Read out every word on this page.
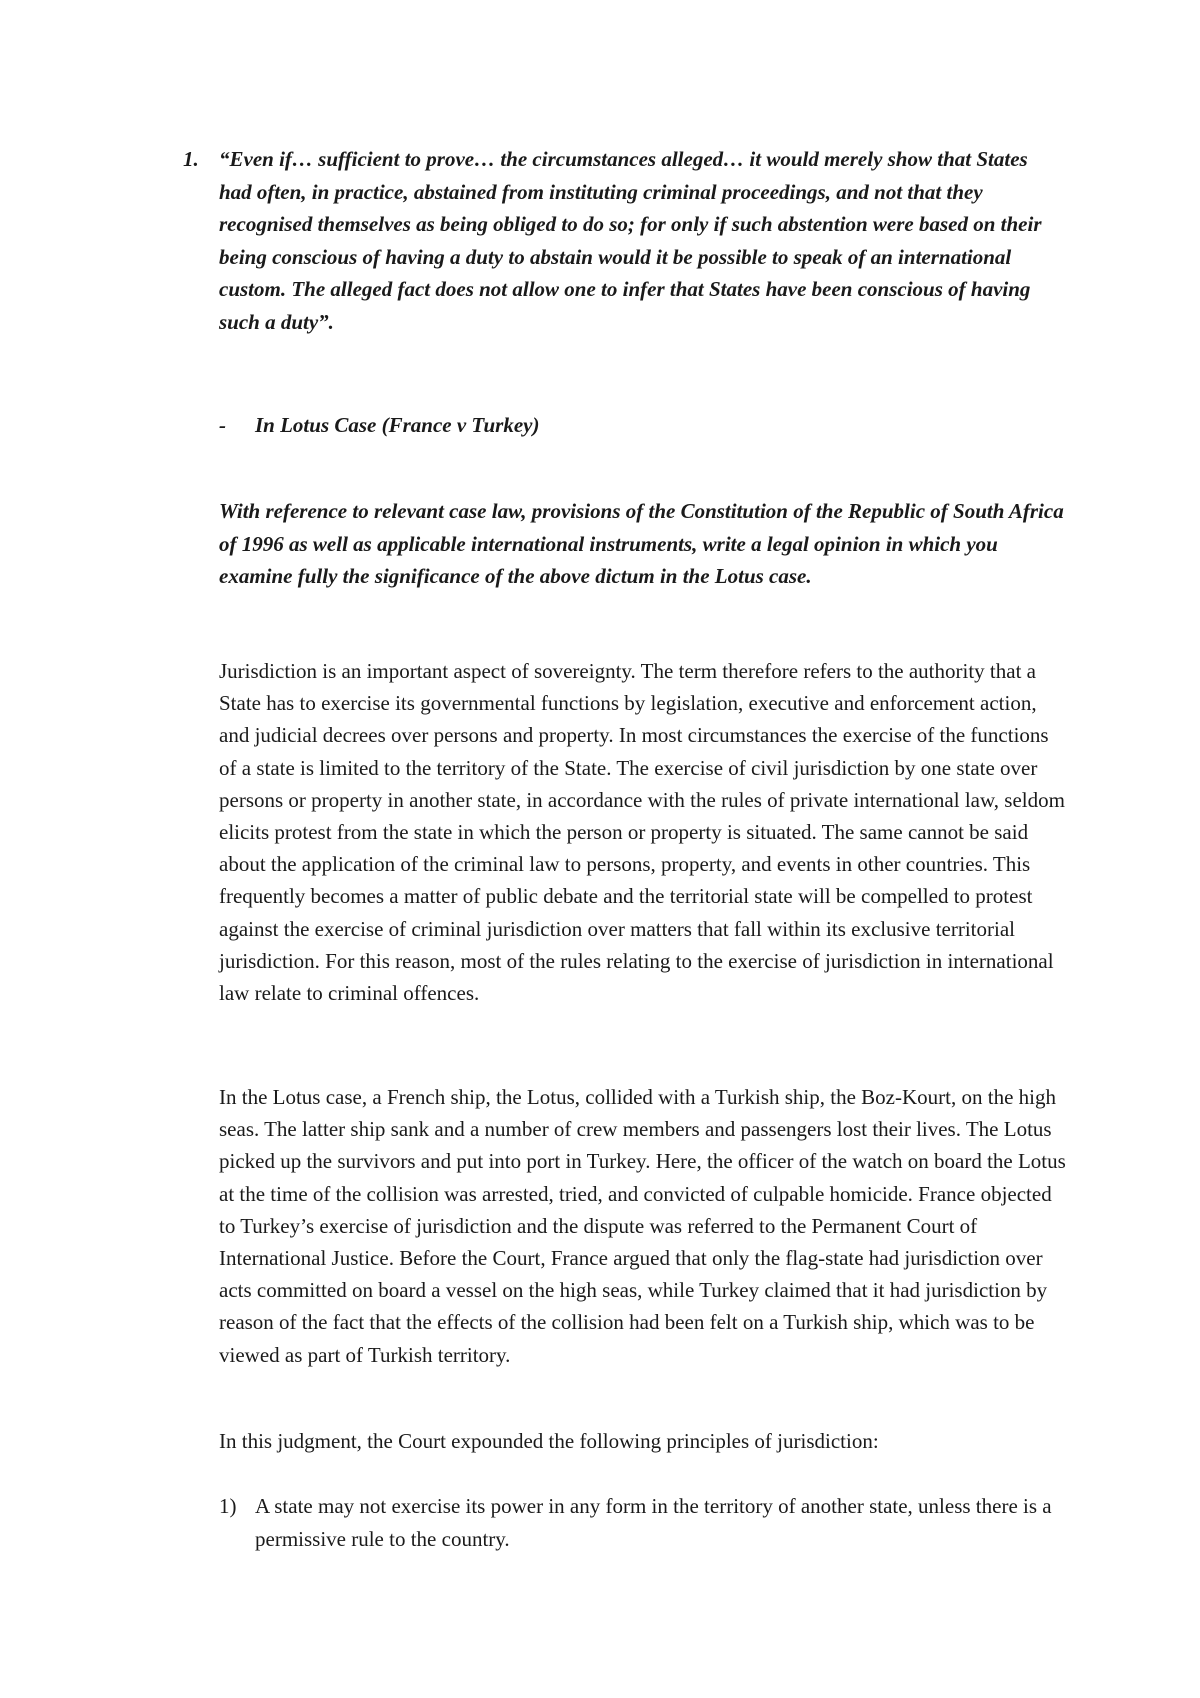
1. “Even if… sufficient to prove… the circumstances alleged… it would merely show that States had often, in practice, abstained from instituting criminal proceedings, and not that they recognised themselves as being obliged to do so; for only if such abstention were based on their being conscious of having a duty to abstain would it be possible to speak of an international custom. The alleged fact does not allow one to infer that States have been conscious of having such a duty”.
- In Lotus Case (France v Turkey)
With reference to relevant case law, provisions of the Constitution of the Republic of South Africa of 1996 as well as applicable international instruments, write a legal opinion in which you examine fully the significance of the above dictum in the Lotus case.

Jurisdiction is an important aspect of sovereignty. The term therefore refers to the authority that a State has to exercise its governmental functions by legislation, executive and enforcement action, and judicial decrees over persons and property. In most circumstances the exercise of the functions of a state is limited to the territory of the State. The exercise of civil jurisdiction by one state over persons or property in another state, in accordance with the rules of private international law, seldom elicits protest from the state in which the person or property is situated. The same cannot be said about the application of the criminal law to persons, property, and events in other countries. This frequently becomes a matter of public debate and the territorial state will be compelled to protest against the exercise of criminal jurisdiction over matters that fall within its exclusive territorial jurisdiction. For this reason, most of the rules relating to the exercise of jurisdiction in international law relate to criminal offences.

In the Lotus case, a French ship, the Lotus, collided with a Turkish ship, the Boz-Kourt, on the high seas. The latter ship sank and a number of crew members and passengers lost their lives. The Lotus picked up the survivors and put into port in Turkey. Here, the officer of the watch on board the Lotus at the time of the collision was arrested, tried, and convicted of culpable homicide. France objected to Turkey’s exercise of jurisdiction and the dispute was referred to the Permanent Court of International Justice. Before the Court, France argued that only the flag-state had jurisdiction over acts committed on board a vessel on the high seas, while Turkey claimed that it had jurisdiction by reason of the fact that the effects of the collision had been felt on a Turkish ship, which was to be viewed as part of Turkish territory.

In this judgment, the Court expounded the following principles of jurisdiction:

1) A state may not exercise its power in any form in the territory of another state, unless there is a permissive rule to the country.
